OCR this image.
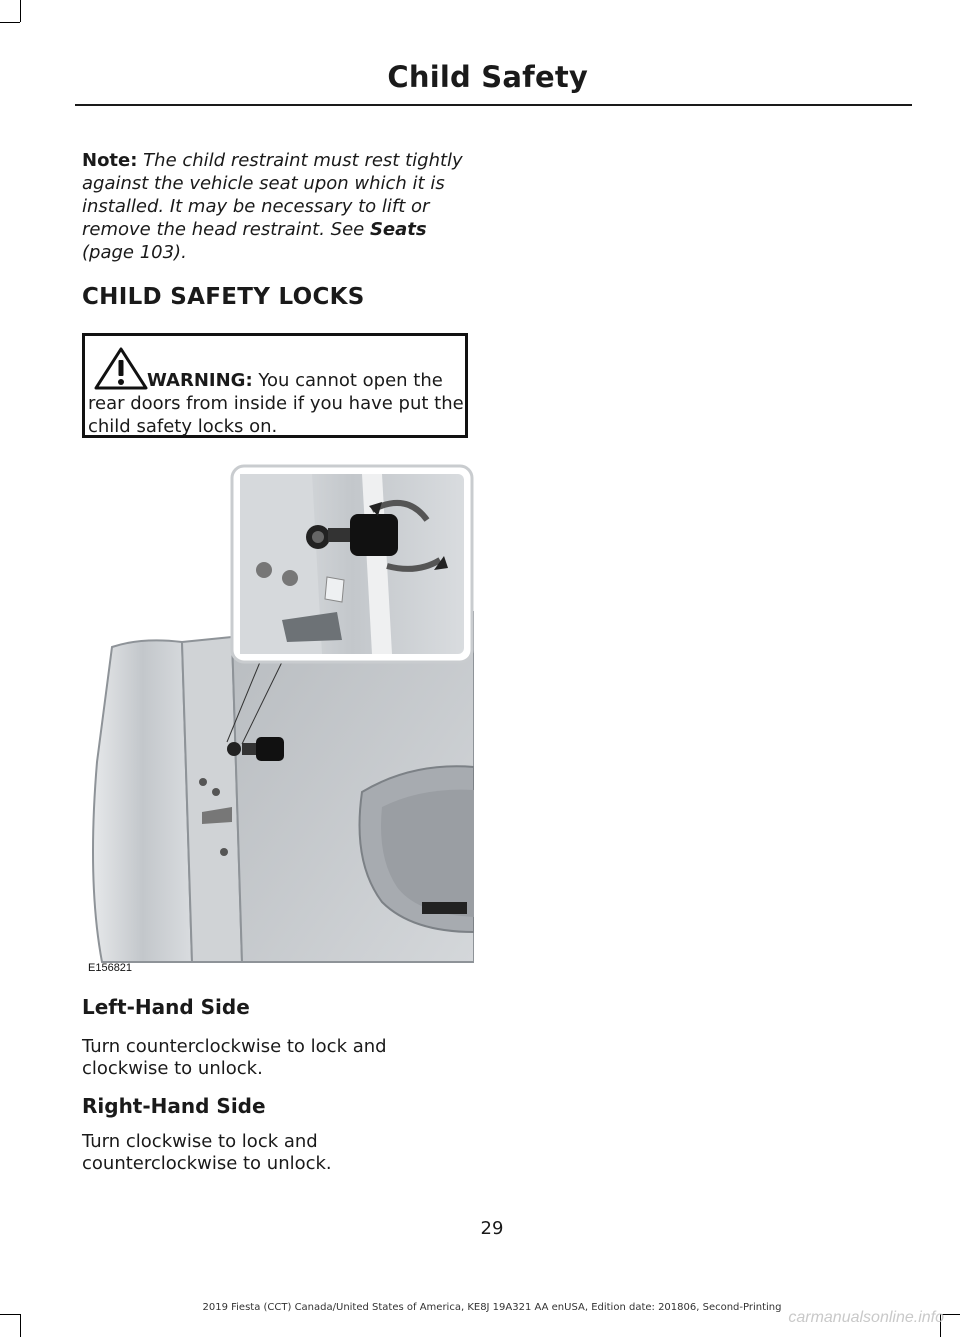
Child Safety
Note: The child restraint must rest tightly against the vehicle seat upon which it is installed. It may be necessary to lift or remove the head restraint. See Seats (page 103).
CHILD SAFETY LOCKS
WARNING: You cannot open the rear doors from inside if you have put the child safety locks on.
E156821
Left-Hand Side
Turn counterclockwise to lock and clockwise to unlock.
Right-Hand Side
Turn clockwise to lock and counterclockwise to unlock.
29
2019 Fiesta (CCT) Canada/United States of America, KE8J 19A321 AA enUSA, Edition date: 201806, Second-Printing
carmanualsonline.info
